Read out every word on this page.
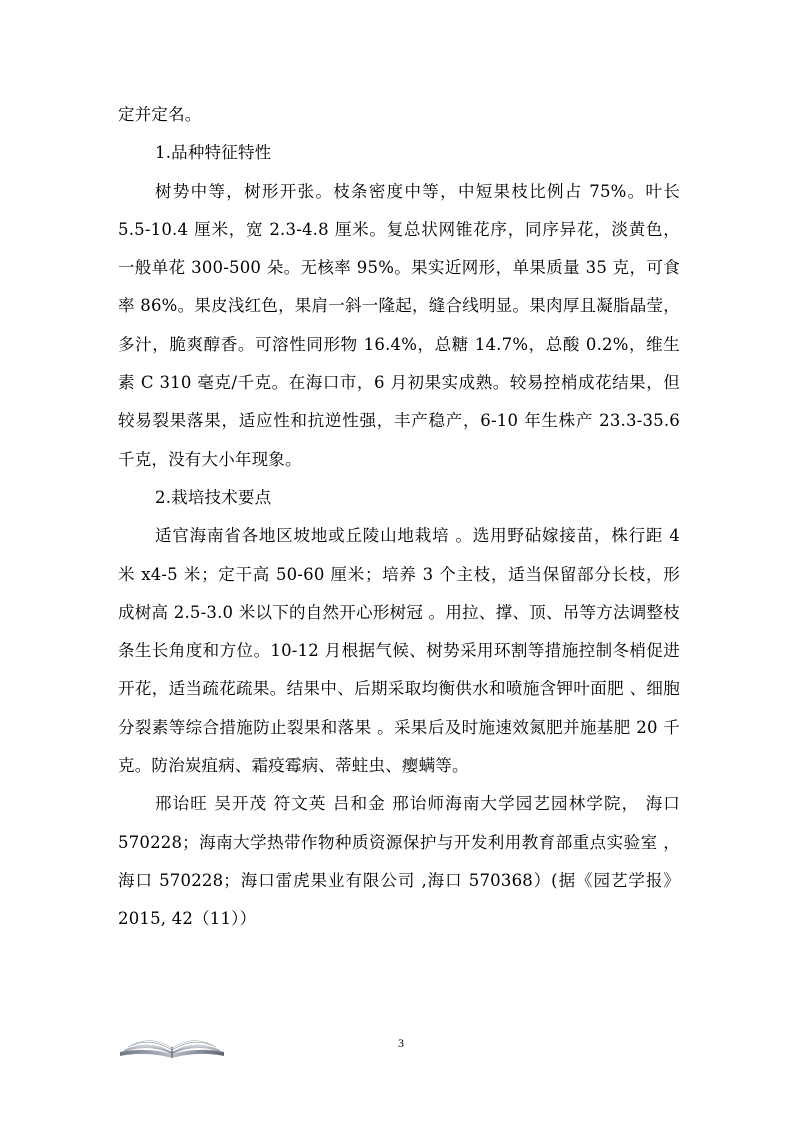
定并定名。

1.品种特征特性

树势中等，树形开张。枝条密度中等，中短果枝比例占 75%。叶长 5.5-10.4 厘米，宽 2.3-4.8 厘米。复总状网锥花序，同序异花，淡黄色，一般单花 300-500 朵。无核率 95%。果实近网形，单果质量 35 克，可食率 86%。果皮浅红色，果肩一斜一隆起，缝合线明显。果肉厚且凝脂晶莹，多汁，脆爽醇香。可溶性同形物 16.4%，总糖 14.7%，总酸 0.2%，维生素 C 310 毫克/千克。在海口市，6 月初果实成熟。较易控梢成花结果，但较易裂果落果，适应性和抗逆性强，丰产稳产，6-10 年生株产 23.3-35.6 千克，没有大小年现象。

2.栽培技术要点

适官海南省各地区坡地或丘陵山地栽培 。选用野砧嫁接苗，株行距 4 米 x4-5 米；定干高 50-60 厘米；培养 3 个主枝，适当保留部分长枝，形成树高 2.5-3.0 米以下的自然开心形树冠 。用拉、撑、顶、吊等方法调整枝条生长角度和方位。10-12 月根据气候、树势采用环割等措施控制冬梢促进开花，适当疏花疏果。结果中、后期采取均衡供水和喷施含钾叶面肥 、细胞分裂素等综合措施防止裂果和落果 。采果后及时施速效氮肥并施基肥 20 千克。防治炭疽病、霜疫霉病、蒂蛀虫、瘿螨等。

邢诒旺 吴开茂 符文英 吕和金 邢诒师海南大学园艺园林学院， 海口 570228；海南大学热带作物种质资源保护与开发利用教育部重点实验室 ，海口 570228；海口雷虎果业有限公司 ,海口 570368）(据《园艺学报》2015, 42（11））

3
